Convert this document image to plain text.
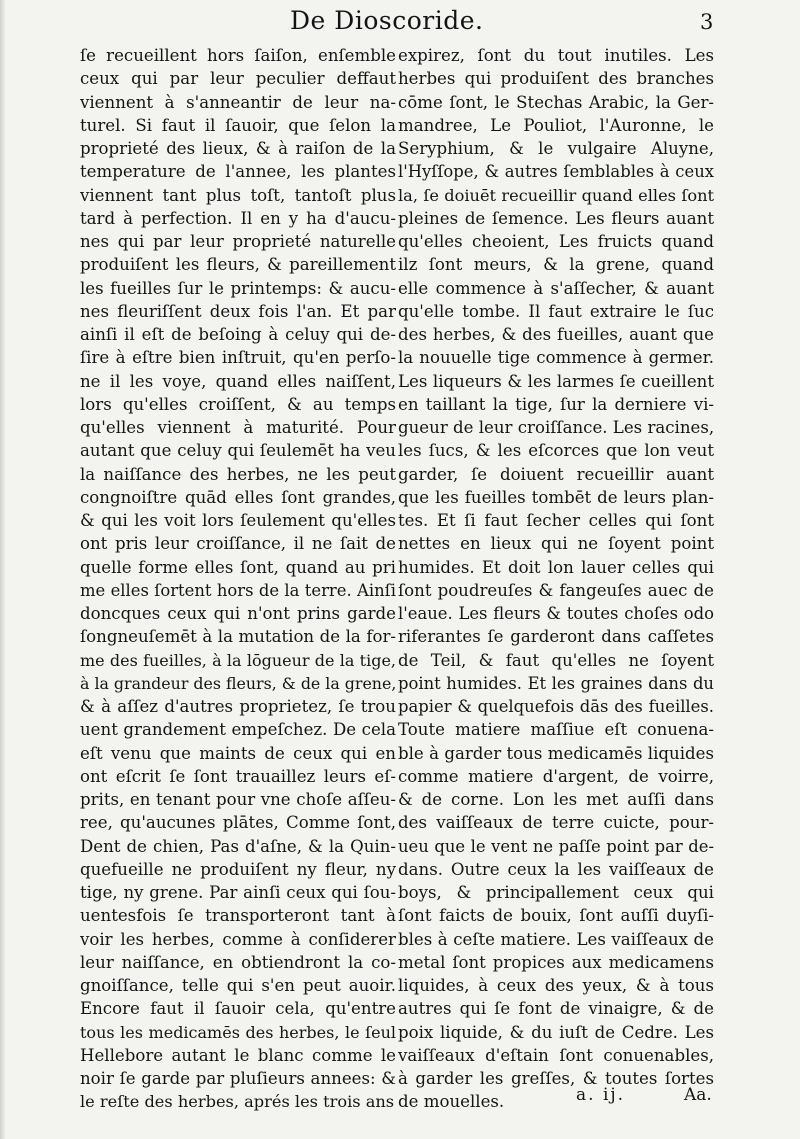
De Dioscoride.	3
ſe recueillent hors ſaiſon, enſemble
ceux qui par leur peculier deffaut
viennent à s'anneantir de leur na-
turel. Si faut il ſauoir, que ſelon la
proprieté des lieux, & à raiſon de la
temperature de l'annee, les plantes
viennent tant plus toſt, tantoſt plus
tard à perfection. Il en y ha d'aucu-
nes qui par leur proprieté naturelle
produiſent les fleurs, & pareillement
les fueilles ſur le printemps: & aucu-
nes fleuriſſent deux fois l'an. Et par
ainſi il eſt de beſoing à celuy qui de-
ſire à eſtre bien inſtruit, qu'en perſo-
ne il les voye, quand elles naiſſent,
lors qu'elles croiſſent, & au temps
qu'elles viennent à maturité. Pour
autant que celuy qui ſeulemēt ha veu
la naiſſance des herbes, ne les peut
congnoiſtre quād elles ſont grandes,
& qui les voit lors ſeulement qu'elles
ont pris leur croiſſance, il ne ſait de
quelle forme elles ſont, quand au pri
me elles ſortent hors de la terre. Ainſi
doncques ceux qui n'ont prins garde
ſongneuſemēt à la mutation de la for-
me des fueilles, à la lōgueur de la tige,
à la grandeur des fleurs, & de la grene,
& à aſſez d'autres proprietez, ſe trou
uent grandement empeſchez. De cela
eſt venu que maints de ceux qui en
ont eſcrit ſe ſont trauaillez leurs eſ-
prits, en tenant pour vne choſe aſſeu-
ree, qu'aucunes plātes, Comme ſont,
Dent de chien, Pas d'aſne, & la Quin-
quefueille ne produiſent ny fleur, ny
tige, ny grene. Par ainſi ceux qui ſou-
uentesfois ſe transporteront tant à
voir les herbes, comme à conſiderer
leur naiſſance, en obtiendront la co-
gnoiſſance, telle qui s'en peut auoir.
Encore faut il ſauoir cela, qu'entre
tous les medicamēs des herbes, le ſeul
Hellebore autant le blanc comme le
noir ſe garde par pluſieurs annees: &
le reſte des herbes, aprés les trois ans
expirez, ſont du tout inutiles. Les
herbes qui produiſent des branches
cōme ſont, le Stechas Arabic, la Ger-
mandree, Le Pouliot, l'Auronne, le
Seryphium, & le vulgaire Aluyne,
l'Hyſſope, & autres ſemblables à ceux
la, ſe doiuēt recueillir quand elles ſont
pleines de ſemence. Les fleurs auant
qu'elles cheoient, Les fruicts quand
ilz ſont meurs, & la grene, quand
elle commence à s'aſſecher, & auant
qu'elle tombe. Il faut extraire le ſuc
des herbes, & des fueilles, auant que
la nouuelle tige commence à germer.
Les liqueurs & les larmes ſe cueillent
en taillant la tige, ſur la derniere vi-
gueur de leur croiſſance. Les racines,
les ſucs, & les eſcorces que lon veut
garder, ſe doiuent recueillir auant
que les fueilles tombēt de leurs plan-
tes. Et ſi faut ſecher celles qui ſont
nettes en lieux qui ne ſoyent point
humides. Et doit lon lauer celles qui
ſont poudreuſes & fangeuſes auec de
l'eaue. Les fleurs & toutes choſes odo
riferantes ſe garderont dans caſſetes
de Teil, & faut qu'elles ne ſoyent
point humides. Et les graines dans du
papier & quelquefois dās des fueilles.
Toute matiere maſſiue eſt conuena-
ble à garder tous medicamēs liquides
comme matiere d'argent, de voirre,
& de corne. Lon les met auſſi dans
des vaiſſeaux de terre cuicte, pour-
ueu que le vent ne paſſe point par de-
dans. Outre ceux la les vaiſſeaux de
boys, & principallement ceux qui
ſont faicts de bouix, ſont auſſi duyſi-
bles à ceſte matiere. Les vaiſſeaux de
metal ſont propices aux medicamens
liquides, à ceux des yeux, & à tous
autres qui ſe font de vinaigre, & de
poix liquide, & du iuſt de Cedre. Les
vaiſſeaux d'eſtain ſont conuenables,
à garder les greſſes, & toutes ſortes
de mouelles.	a. ij.	Aa.
